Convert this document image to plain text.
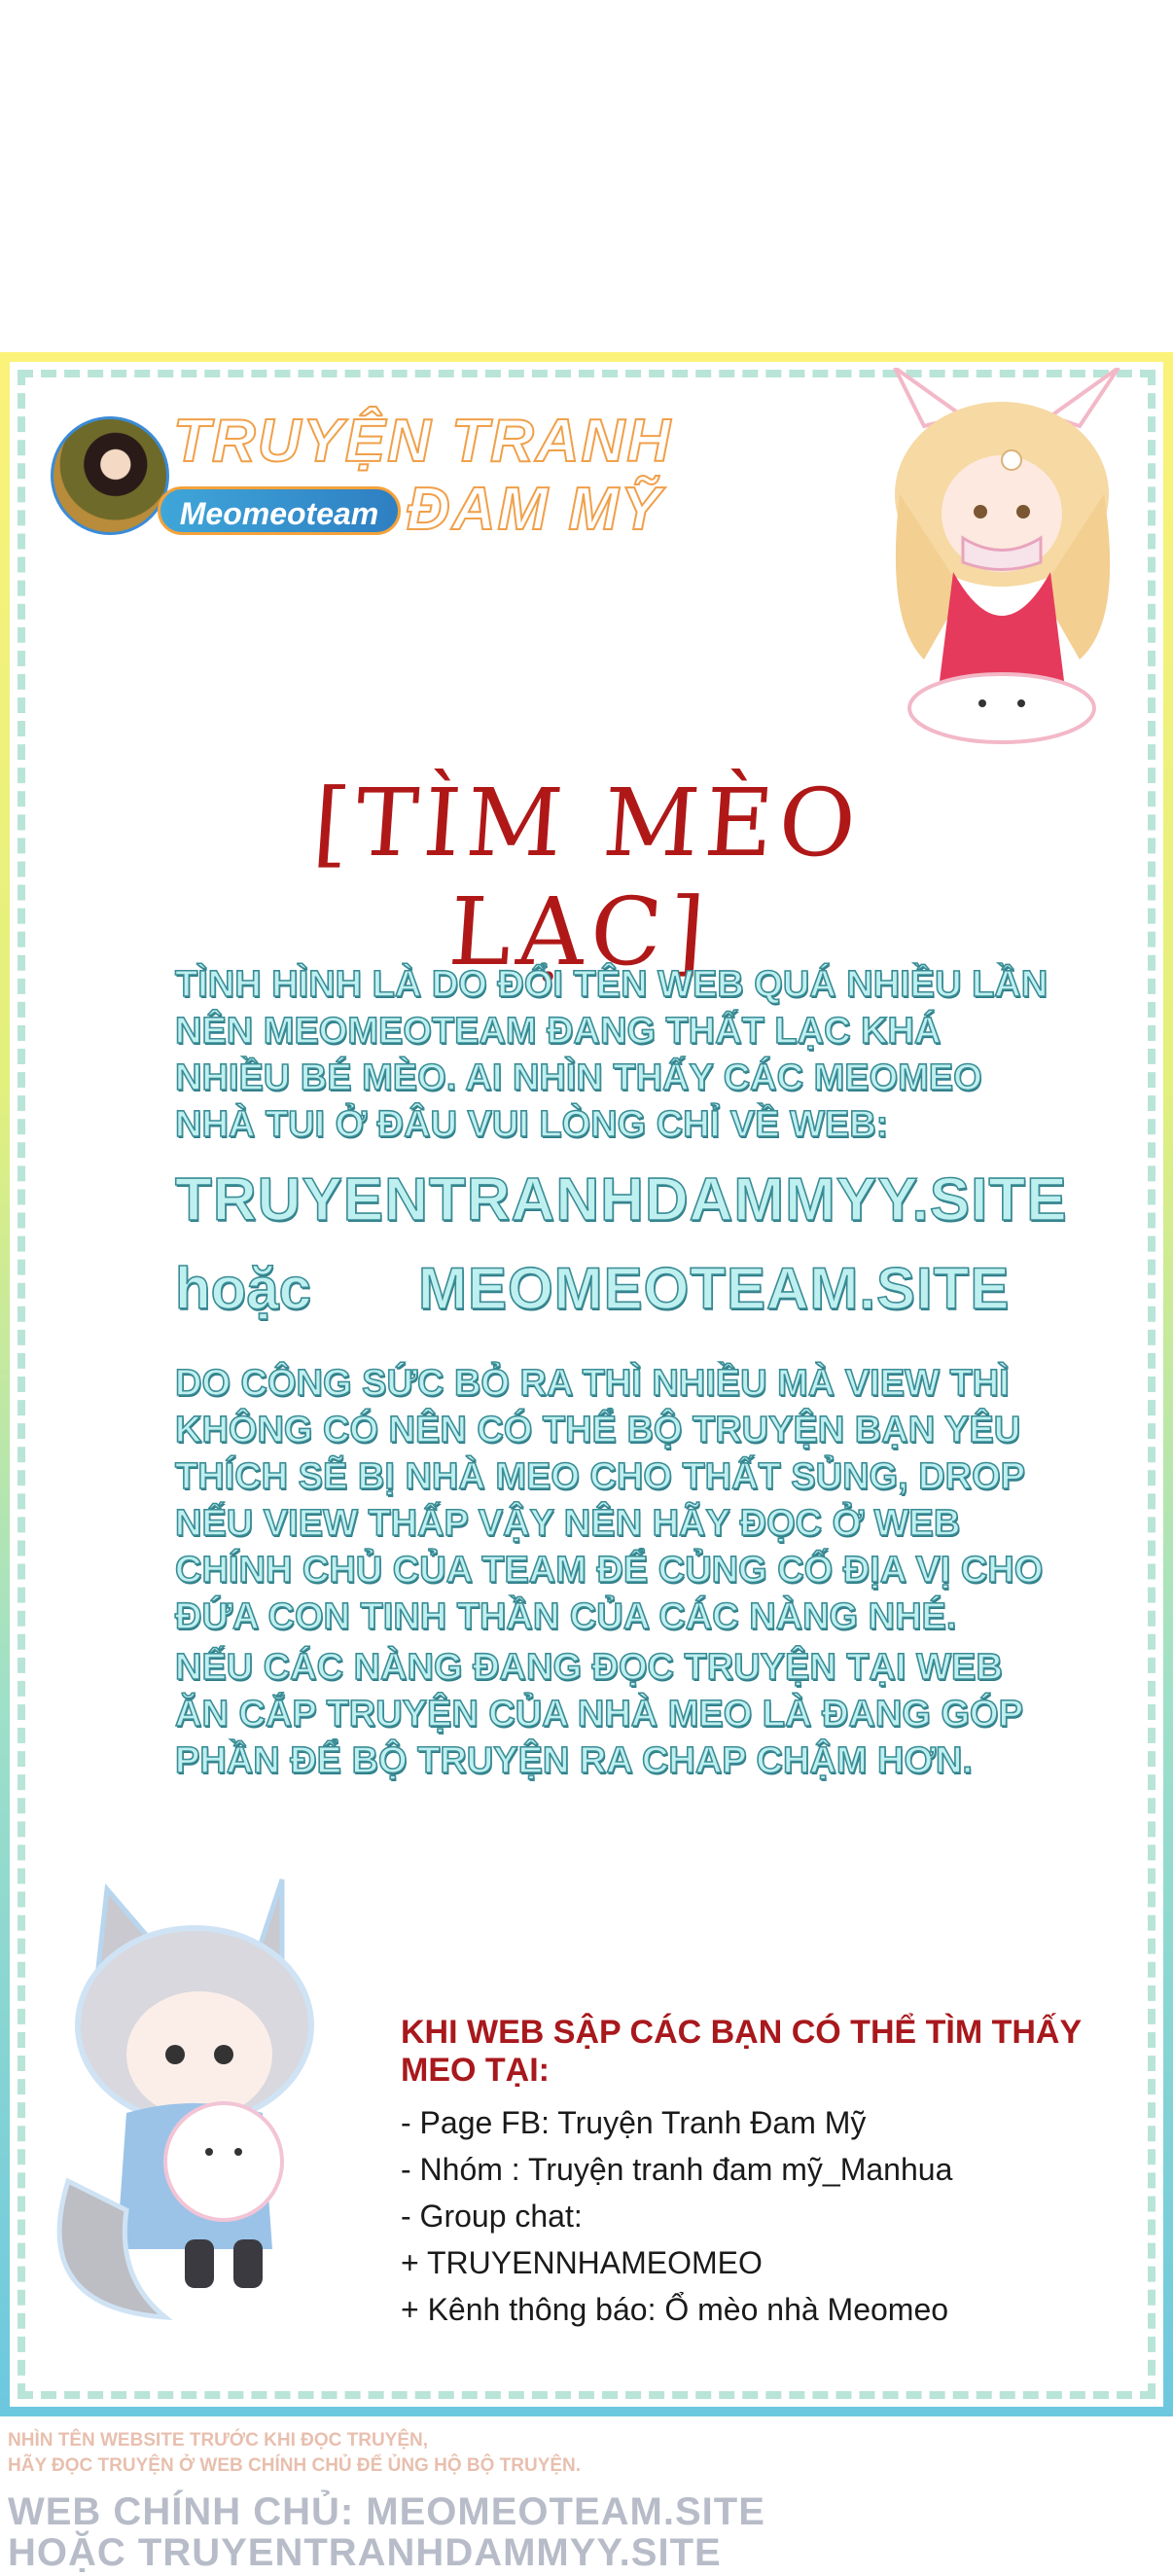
TRUYỆN TRANH
ĐAM MỸ
Meomeoteam
[TÌM MÈO LẠC]
TÌNH HÌNH LÀ DO ĐỔI TÊN WEB QUÁ NHIỀU LẦN NÊN MEOMEOTEAM ĐANG THẤT LẠC KHÁ NHIỀU BÉ MÈO. AI NHÌN THẤY CÁC MEOMEO NHÀ TUI Ở ĐÂU VUI LÒNG CHỈ VỀ WEB:
TRUYENTRANHDAMMYY.SITE
hoặc MEOMEOTEAM.SITE
DO CÔNG SỨC BỎ RA THÌ NHIỀU MÀ VIEW THÌ KHÔNG CÓ NÊN CÓ THỂ BỘ TRUYỆN BẠN YÊU THÍCH SẼ BỊ NHÀ MEO CHO THẤT SỦNG, DROP NẾU VIEW THẤP VẬY NÊN HÃY ĐỌC Ở WEB CHÍNH CHỦ CỦA TEAM ĐỂ CỦNG CỐ ĐỊA VỊ CHO ĐỨA CON TINH THẦN CỦA CÁC NÀNG NHÉ.
NẾU CÁC NÀNG ĐANG ĐỌC TRUYỆN TẠI WEB ĂN CẮP TRUYỆN CỦA NHÀ MEO LÀ ĐANG GÓP PHẦN ĐỂ BỘ TRUYỆN RA CHAP CHẬM HƠN.
KHI WEB SẬP CÁC BẠN CÓ THỂ TÌM THẤY MEO TẠI:
- Page FB: Truyện Tranh Đam Mỹ
- Nhóm : Truyện tranh đam mỹ_Manhua
- Group chat:
+ TRUYENNHAMEOMEO
+ Kênh thông báo: Ổ mèo nhà Meomeo
NHÌN TÊN WEBSITE TRƯỚC KHI ĐỌC TRUYỆN,
HÃY ĐỌC TRUYỆN Ở WEB CHÍNH CHỦ ĐỂ ỦNG HỘ BỘ TRUYỆN.
WEB CHÍNH CHỦ: MEOMEOTEAM.SITE
HOẶC TRUYENTRANHDAMMYY.SITE
